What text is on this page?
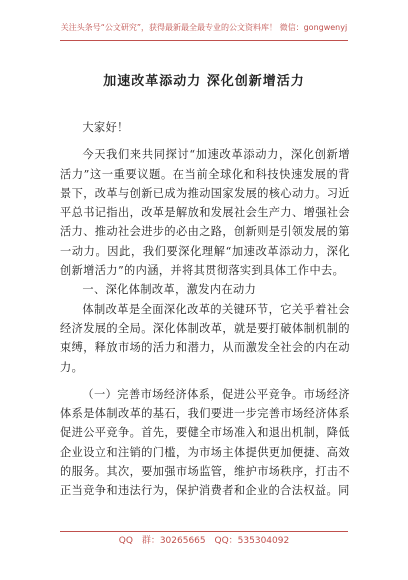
关注头条号“公文研究”，获得最新最全最专业的公文资料库！ 微信：gongwenyj
加速改革添动力 深化创新增活力

大家好！

今天我们来共同探讨“加速改革添动力，深化创新增活力”这一重要议题。在当前全球化和科技快速发展的背景下，改革与创新已成为推动国家发展的核心动力。习近平总书记指出，改革是解放和发展社会生产力、增强社会活力、推动社会进步的必由之路，创新则是引领发展的第一动力。因此，我们要深化理解“加速改革添动力，深化创新增活力”的内涵，并将其贯彻落实到具体工作中去。

一、深化体制改革，激发内在动力

体制改革是全面深化改革的关键环节，它关乎着社会经济发展的全局。深化体制改革，就是要打破体制机制的束缚，释放市场的活力和潜力，从而激发全社会的内在动力。

（一）完善市场经济体系，促进公平竞争。市场经济体系是体制改革的基石，我们要进一步完善市场经济体系促进公平竞争。首先，要健全市场准入和退出机制，降低企业设立和注销的门槛，为市场主体提供更加便捷、高效的服务。其次，要加强市场监管，维护市场秩序，打击不正当竞争和违法行为，保护消费者和企业的合法权益。同

QQ 群：30265665 QQ：535304092
